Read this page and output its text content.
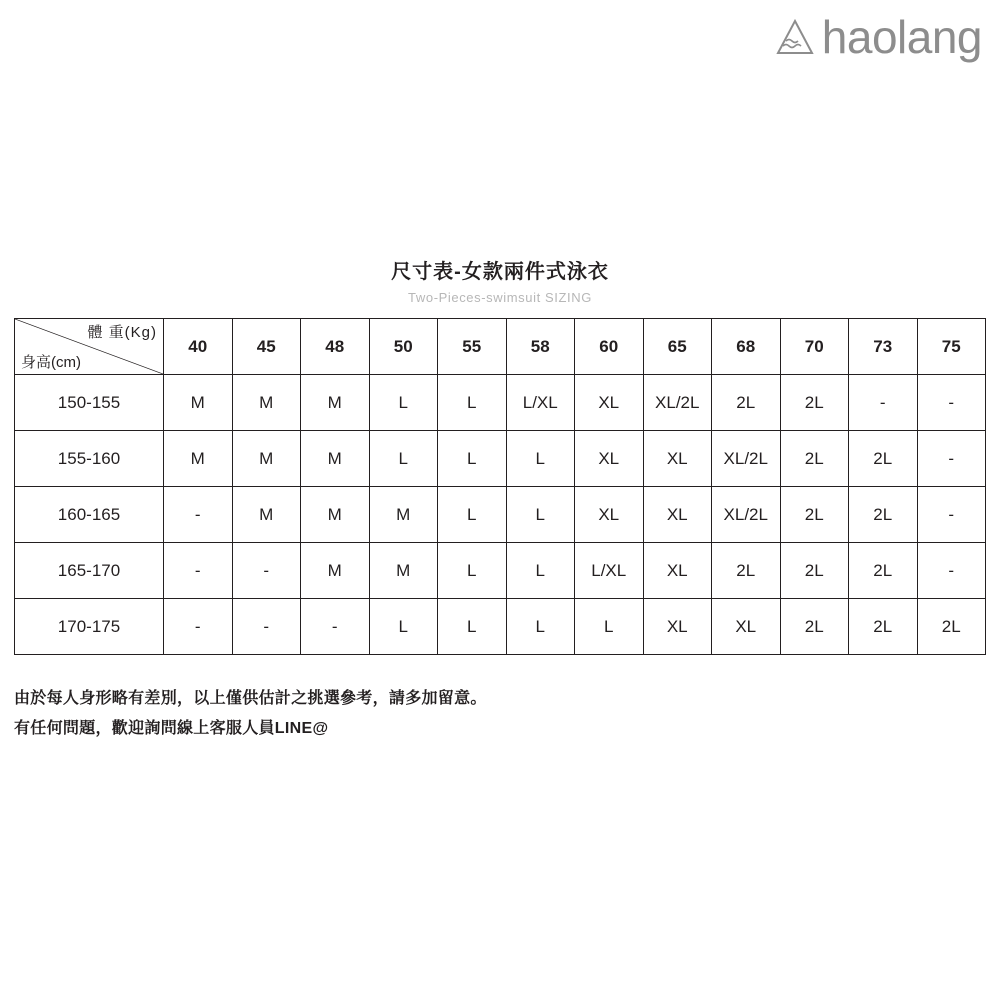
haolang
尺寸表-女款兩件式泳衣
Two-Pieces-swimsuit SIZING
體 重(Kg)
身高(cm)	40	45	48	50	55	58	60	65	68	70	73	75
150-155	M	M	M	L	L	L/XL	XL	XL/2L	2L	2L	-	-
155-160	M	M	M	L	L	L	XL	XL	XL/2L	2L	2L	-
160-165	-	M	M	M	L	L	XL	XL	XL/2L	2L	2L	-
165-170	-	-	M	M	L	L	L/XL	XL	2L	2L	2L	-
170-175	-	-	-	L	L	L	L	XL	XL	2L	2L	2L
由於每人身形略有差別，以上僅供估計之挑選參考，請多加留意。
有任何問題，歡迎詢問線上客服人員LINE@
